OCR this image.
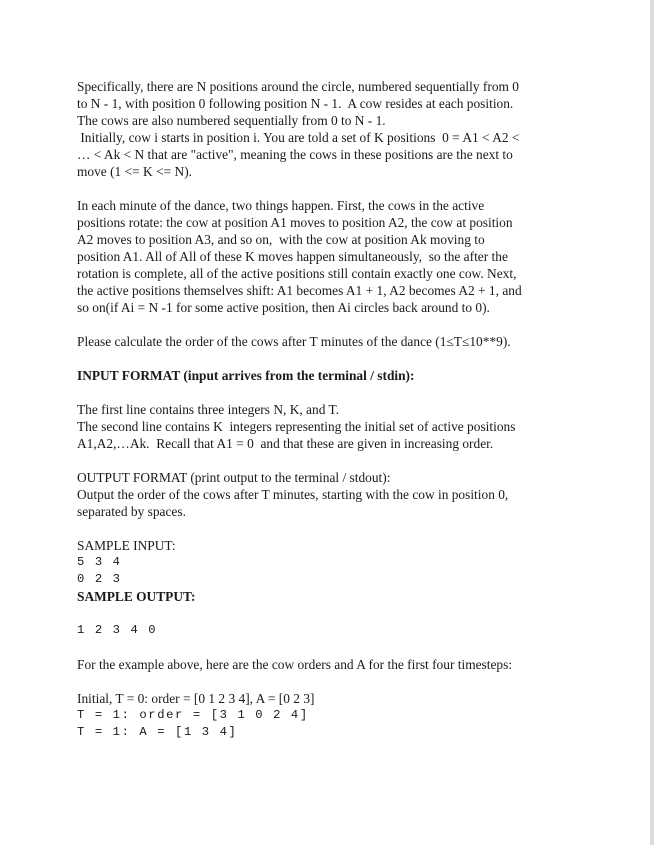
Specifically, there are N positions around the circle, numbered sequentially from 0
to N - 1, with position 0 following position N - 1.  A cow resides at each position.
The cows are also numbered sequentially from 0 to N - 1.
Initially, cow i starts in position i. You are told a set of K positions  0 = A1 < A2 <
… < Ak < N that are "active", meaning the cows in these positions are the next to
move (1 <= K <= N).

In each minute of the dance, two things happen. First, the cows in the active
positions rotate: the cow at position A1 moves to position A2, the cow at position
A2 moves to position A3, and so on,  with the cow at position Ak moving to
position A1. All of All of these K moves happen simultaneously,  so the after the
rotation is complete, all of the active positions still contain exactly one cow. Next,
the active positions themselves shift: A1 becomes A1 + 1, A2 becomes A2 + 1, and
so on(if Ai = N -1 for some active position, then Ai circles back around to 0).

Please calculate the order of the cows after T minutes of the dance (1≤T≤10**9).

INPUT FORMAT (input arrives from the terminal / stdin):

The first line contains three integers N, K, and T.
The second line contains K  integers representing the initial set of active positions
A1,A2,…Ak.  Recall that A1 = 0  and that these are given in increasing order.

OUTPUT FORMAT (print output to the terminal / stdout):
Output the order of the cows after T minutes, starting with the cow in position 0,
separated by spaces.

SAMPLE INPUT:
5 3 4
0 2 3
SAMPLE OUTPUT:

1 2 3 4 0

For the example above, here are the cow orders and A for the first four timesteps:

Initial, T = 0: order = [0 1 2 3 4], A = [0 2 3]
T = 1: order = [3 1 0 2 4]
T = 1: A = [1 3 4]
